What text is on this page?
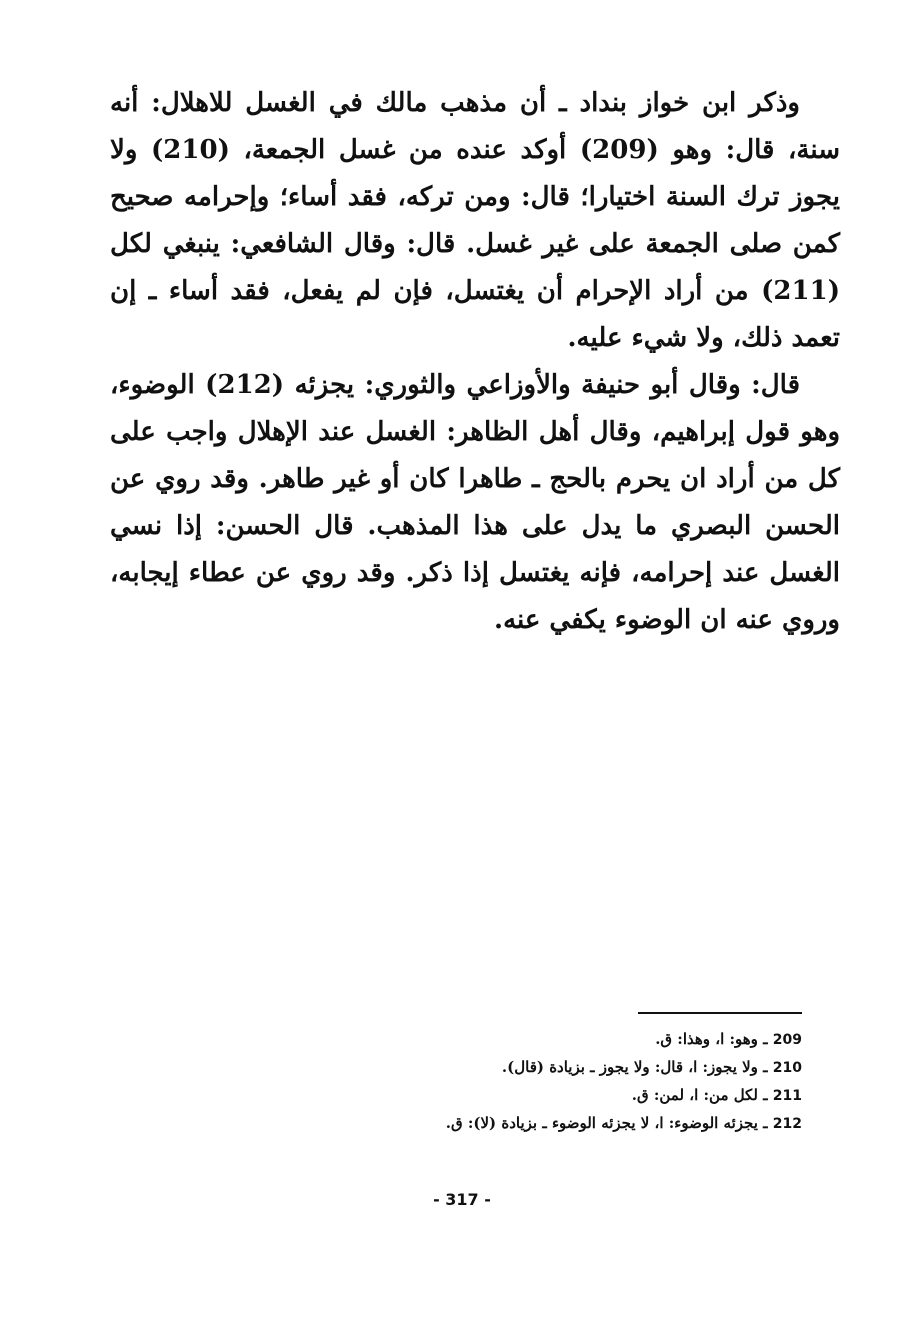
وذكر ابن خواز بنداد ـ أن مذهب مالك في الغسل للاهلال: أنه سنة، قال: وهو (209) أوكد عنده من غسل الجمعة، (210) ولا يجوز ترك السنة اختيارا؛ قال: ومن تركه، فقد أساء؛ وإحرامه صحيح كمن صلى الجمعة على غير غسل. قال: وقال الشافعي: ينبغي لكل (211) من أراد الإحرام أن يغتسل، فإن لم يفعل، فقد أساء ـ إن تعمد ذلك، ولا شيء عليه.

قال: وقال أبو حنيفة والأوزاعي والثوري: يجزئه (212) الوضوء، وهو قول إبراهيم، وقال أهل الظاهر: الغسل عند الإهلال واجب على كل من أراد ان يحرم بالحج ـ طاهرا كان أو غير طاهر. وقد روي عن الحسن البصري ما يدل على هذا المذهب. قال الحسن: إذا نسي الغسل عند إحرامه، فإنه يغتسل إذا ذكر. وقد روي عن عطاء إيجابه، وروي عنه ان الوضوء يكفي عنه.

209 ـ وهو: ا، وهذا: ق.
210 ـ ولا يجوز: ا، قال: ولا يجوز ـ بزيادة (قال).
211 ـ لكل من: ا، لمن: ق.
212 ـ يجزئه الوضوء: ا، لا يجزئه الوضوء ـ بزيادة (لا): ق.
- 317 -
